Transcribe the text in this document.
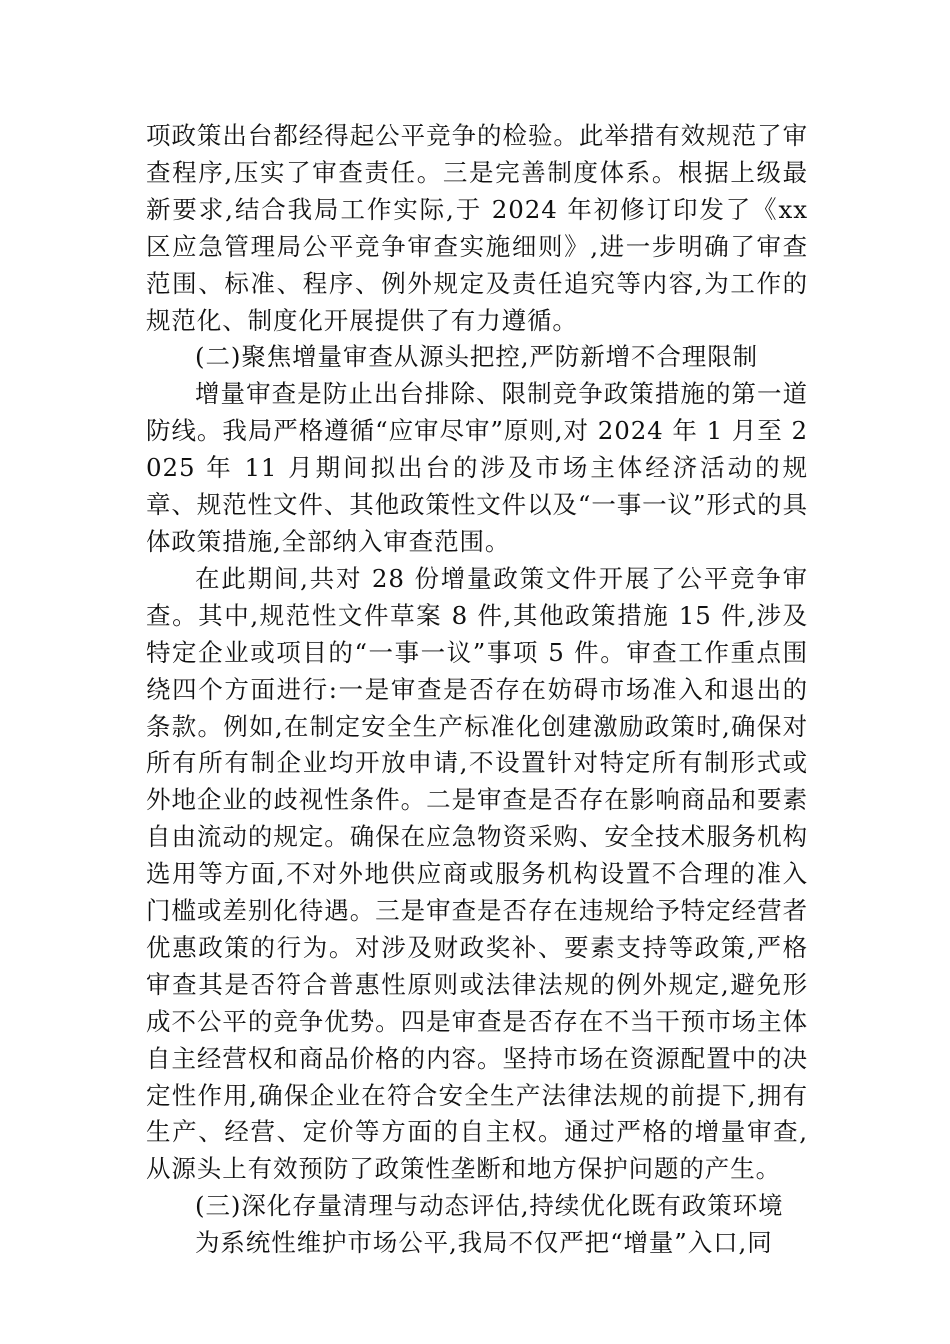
项政策出台都经得起公平竞争的检验。此举措有效规范了审查程序,压实了审查责任。三是完善制度体系。根据上级最新要求,结合我局工作实际,于 2024 年初修订印发了《xx 区应急管理局公平竞争审查实施细则》,进一步明确了审查范围、标准、程序、例外规定及责任追究等内容,为工作的规范化、制度化开展提供了有力遵循。

(二)聚焦增量审查从源头把控,严防新增不合理限制

增量审查是防止出台排除、限制竞争政策措施的第一道防线。我局严格遵循“应审尽审”原则,对 2024 年 1 月至 2025 年 11 月期间拟出台的涉及市场主体经济活动的规章、规范性文件、其他政策性文件以及“一事一议”形式的具体政策措施,全部纳入审查范围。

在此期间,共对 28 份增量政策文件开展了公平竞争审查。其中,规范性文件草案 8 件,其他政策措施 15 件,涉及特定企业或项目的“一事一议”事项 5 件。审查工作重点围绕四个方面进行:一是审查是否存在妨碍市场准入和退出的条款。例如,在制定安全生产标准化创建激励政策时,确保对所有所有制企业均开放申请,不设置针对特定所有制形式或外地企业的歧视性条件。二是审查是否存在影响商品和要素自由流动的规定。确保在应急物资采购、安全技术服务机构选用等方面,不对外地供应商或服务机构设置不合理的准入门槛或差别化待遇。三是审查是否存在违规给予特定经营者优惠政策的行为。对涉及财政奖补、要素支持等政策,严格审查其是否符合普惠性原则或法律法规的例外规定,避免形成不公平的竞争优势。四是审查是否存在不当干预市场主体自主经营权和商品价格的内容。坚持市场在资源配置中的决定性作用,确保企业在符合安全生产法律法规的前提下,拥有生产、经营、定价等方面的自主权。通过严格的增量审查,从源头上有效预防了政策性垄断和地方保护问题的产生。

(三)深化存量清理与动态评估,持续优化既有政策环境

为系统性维护市场公平,我局不仅严把“增量”入口,同
